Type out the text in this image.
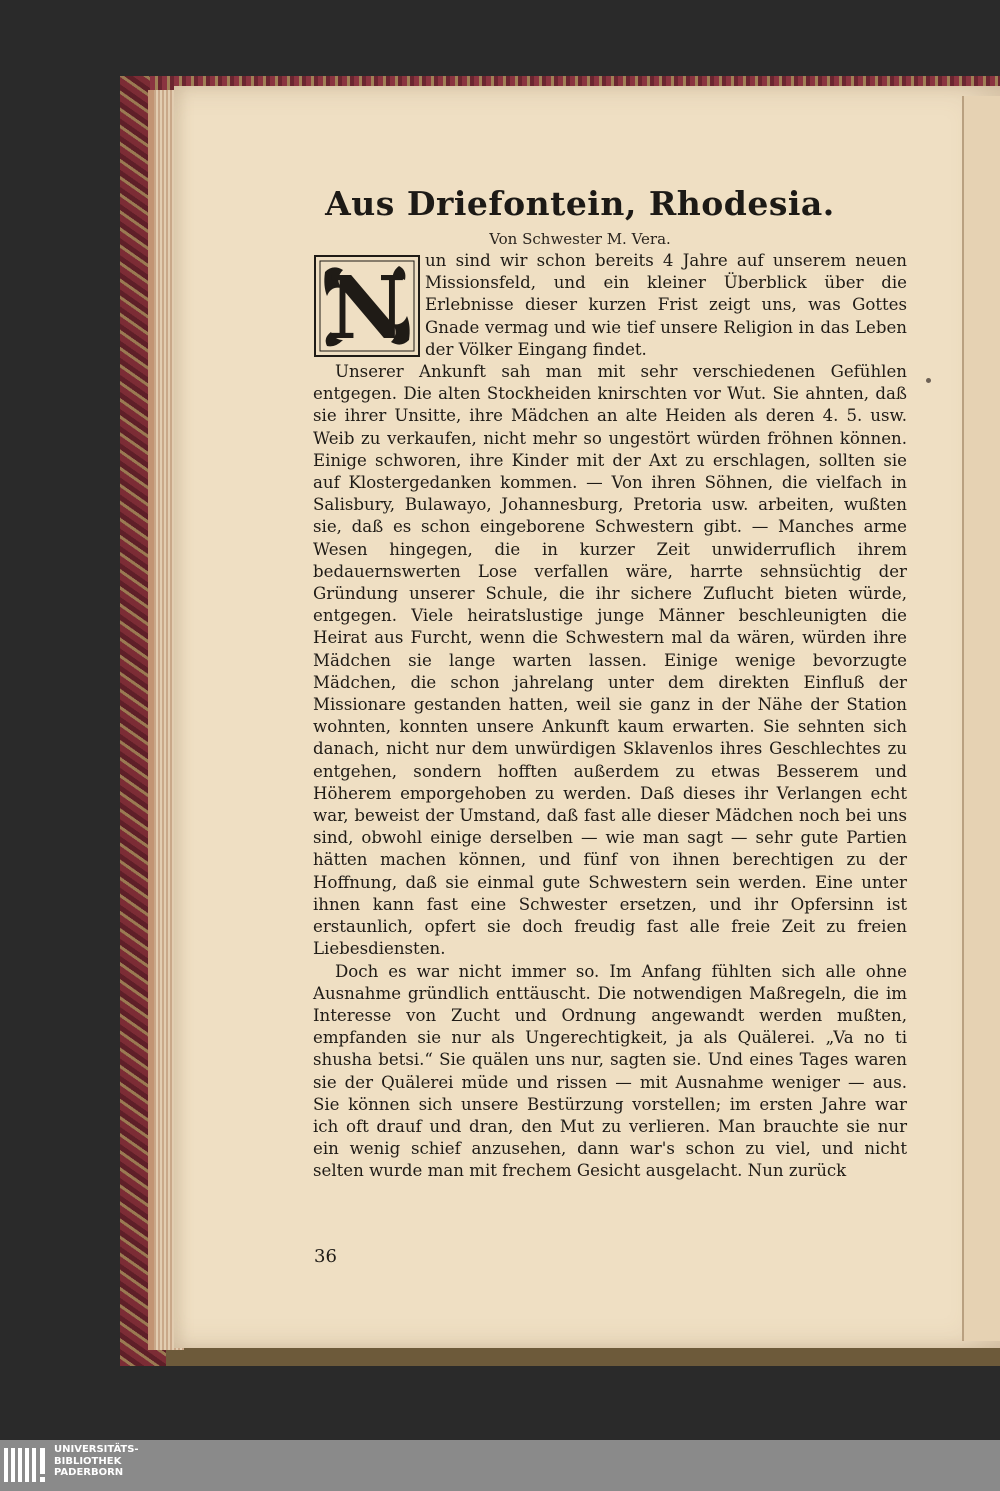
Aus Driefontein, Rhodesia.

Von Schwester M. Vera.

N	un sind wir schon bereits 4 Jahre auf unserem neuen Missionsfeld, und ein kleiner Überblick über die Erlebnisse dieser kurzen Frist zeigt uns, was Gottes Gnade vermag und wie tief unsere Religion in das Leben der Völker Eingang findet.

Unserer Ankunft sah man mit sehr verschiedenen Gefühlen entgegen. Die alten Stockheiden knirschten vor Wut. Sie ahnten, daß sie ihrer Unsitte, ihre Mädchen an alte Heiden als deren 4. 5. usw. Weib zu verkaufen, nicht mehr so ungestört würden fröhnen können. Einige schworen, ihre Kinder mit der Axt zu erschlagen, sollten sie auf Klostergedanken kommen. — Von ihren Söhnen, die vielfach in Salisbury, Bulawayo, Johannesburg, Pretoria usw. arbeiten, wußten sie, daß es schon eingeborene Schwestern gibt. — Manches arme Wesen hingegen, die in kurzer Zeit unwiderruflich ihrem bedauernswerten Lose verfallen wäre, harrte sehnsüchtig der Gründung unserer Schule, die ihr sichere Zuflucht bieten würde, entgegen. Viele heiratslustige junge Männer beschleunigten die Heirat aus Furcht, wenn die Schwestern mal da wären, würden ihre Mädchen sie lange warten lassen. Einige wenige bevorzugte Mädchen, die schon jahrelang unter dem direkten Einfluß der Missionare gestanden hatten, weil sie ganz in der Nähe der Station wohnten, konnten unsere Ankunft kaum erwarten. Sie sehnten sich danach, nicht nur dem unwürdigen Sklavenlos ihres Geschlechtes zu entgehen, sondern hofften außerdem zu etwas Besserem und Höherem emporgehoben zu werden. Daß dieses ihr Verlangen echt war, beweist der Umstand, daß fast alle dieser Mädchen noch bei uns sind, obwohl einige derselben — wie man sagt — sehr gute Partien hätten machen können, und fünf von ihnen berechtigen zu der Hoffnung, daß sie einmal gute Schwestern sein werden. Eine unter ihnen kann fast eine Schwester ersetzen, und ihr Opfersinn ist erstaunlich, opfert sie doch freudig fast alle freie Zeit zu freien Liebesdiensten.

Doch es war nicht immer so. Im Anfang fühlten sich alle ohne Ausnahme gründlich enttäuscht. Die notwendigen Maßregeln, die im Interesse von Zucht und Ordnung angewandt werden mußten, empfanden sie nur als Ungerechtigkeit, ja als Quälerei. „Va no ti shusha betsi.“ Sie quälen uns nur, sagten sie. Und eines Tages waren sie der Quälerei müde und rissen — mit Ausnahme weniger — aus. Sie können sich unsere Bestürzung vorstellen; im ersten Jahre war ich oft drauf und dran, den Mut zu verlieren. Man brauchte sie nur ein wenig schief anzusehen, dann war's schon zu viel, und nicht selten wurde man mit frechem Gesicht ausgelacht. Nun zurück

36

UNIVERSITÄTS-
BIBLIOTHEK
PADERBORN
